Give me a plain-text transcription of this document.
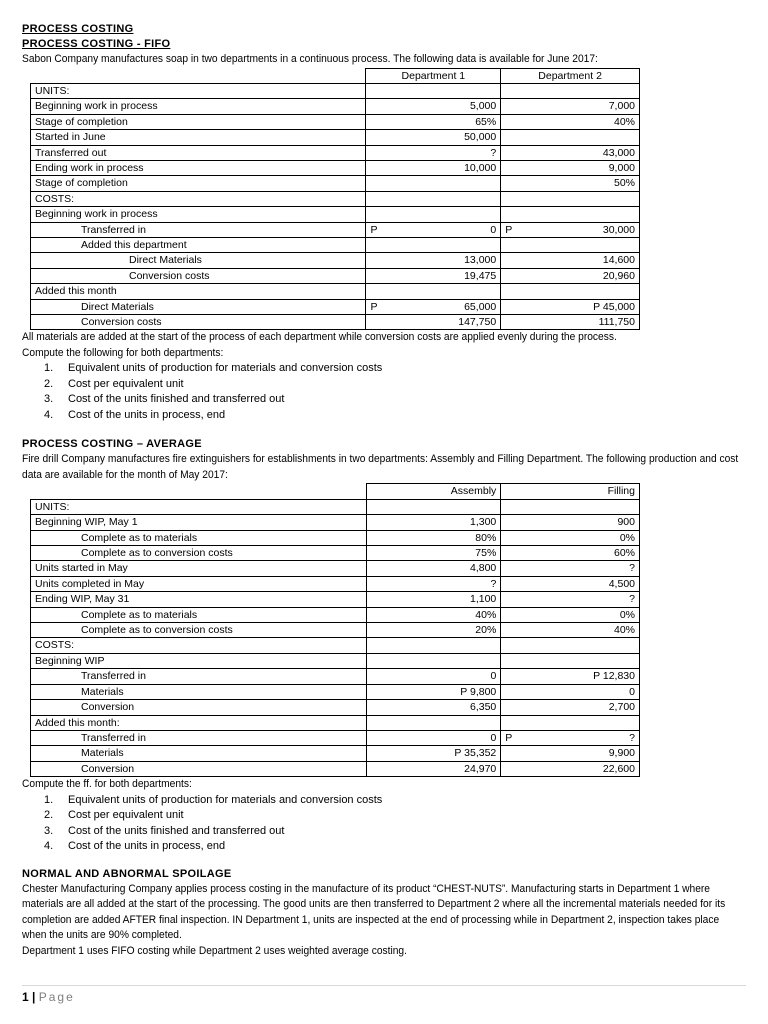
PROCESS COSTING
PROCESS COSTING - FIFO
Sabon Company manufactures soap in two departments in a continuous process. The following data is available for June 2017:
	Department 1	Department 2
UNITS:		
Beginning work in process	5,000	7,000
Stage of completion	65%	40%
Started in June	50,000	
Transferred out	?	43,000
Ending work in process	10,000	9,000
Stage of completion		50%
COSTS:		
Beginning work in process		
Transferred in	P 0	P 30,000
Added this department		
Direct Materials	13,000	14,600
Conversion costs	19,475	20,960
Added this month		
Direct Materials	P 65,000	P 45,000
Conversion costs	147,750	111,750
All materials are added at the start of the process of each department while conversion costs are applied evenly during the process.
Compute the following for both departments:
1. Equivalent units of production for materials and conversion costs
2. Cost per equivalent unit
3. Cost of the units finished and transferred out
4. Cost of the units in process, end
PROCESS COSTING – AVERAGE
Fire drill Company manufactures fire extinguishers for establishments in two departments: Assembly and Filling Department. The following production and cost
data are available for the month of May 2017:
	Assembly	Filling
UNITS:		
Beginning WIP, May 1	1,300	900
Complete as to materials	80%	0%
Complete as to conversion costs	75%	60%
Units started in May	4,800	?
Units completed in May	?	4,500
Ending WIP, May 31	1,100	?
Complete as to materials	40%	0%
Complete as to conversion costs	20%	40%
COSTS:		
Beginning WIP		
Transferred in	0	P 12,830
Materials	P 9,800	0
Conversion	6,350	2,700
Added this month:		
Transferred in	0	P ?
Materials	P 35,352	9,900
Conversion	24,970	22,600
Compute the ff. for both departments:
1. Equivalent units of production for materials and conversion costs
2. Cost per equivalent unit
3. Cost of the units finished and transferred out
4. Cost of the units in process, end
NORMAL AND ABNORMAL SPOILAGE
Chester Manufacturing Company applies process costing in the manufacture of its product “CHEST-NUTS”. Manufacturing starts in Department 1 where
materials are all added at the start of the processing. The good units are then transferred to Department 2 where all the incremental materials needed for its
completion are added AFTER final inspection. IN Department 1, units are inspected at the end of processing while in Department 2, inspection takes place
when the units are 90% completed.
Department 1 uses FIFO costing while Department 2 uses weighted average costing.
1 | Page
